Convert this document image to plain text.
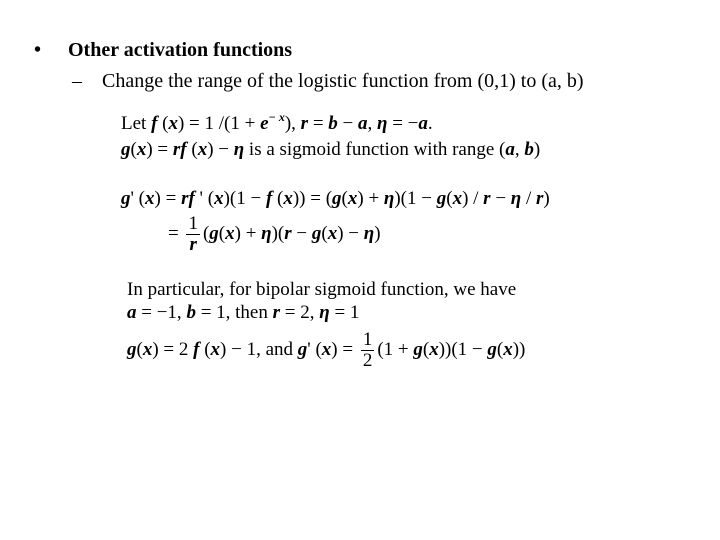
• Other activation functions
– Change the range of the logistic function from (0,1) to (a, b)
Let f (x) = 1 $/(1 + e^{- x})$, r = b − a, η = −a.
g(x) = rf (x) − η is a sigmoid function with range (a, b)
g' (x) = rf ' (x)(1 − f (x)) = (g(x) + η)(1 − g(x) / r − η / r)
= $\frac{1}{r} (g(x) + \eta)(r - g(x) - \eta)$
In particular, for bipolar sigmoid function, we have
a = −1, b = 1, then r = 2, η = 1
g(x) = 2 f (x) − 1, and g' $(x) = \frac{1}{2} (1 + g(x))(1 - g(x))$
